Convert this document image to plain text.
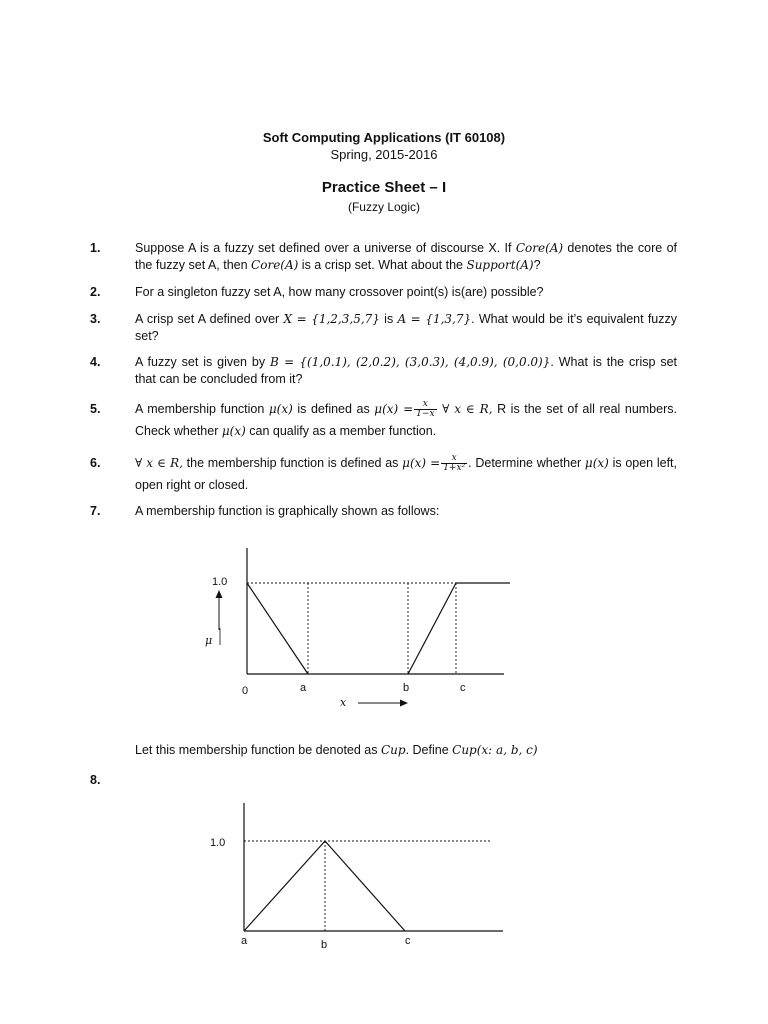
Soft Computing Applications (IT 60108)
Spring, 2015-2016
Practice Sheet – I
(Fuzzy Logic)
1.	Suppose A is a fuzzy set defined over a universe of discourse X. If Core(A) denotes the core of the fuzzy set A, then Core(A) is a crisp set. What about the Support(A)?
2.	For a singleton fuzzy set A, how many crossover point(s) is(are) possible?
3.	A crisp set A defined over X = {1,2,3,5,7} is A = {1,3,7}. What would be it’s equivalent fuzzy set?
4.	A fuzzy set is given by B = {(1,0.1), (2,0.2), (3,0.3), (4,0.9), (0,0.0)}. What is the crisp set that can be concluded from it?
5.	A membership function μ(x) is defined as $\mu(x) = \frac{x}{1-x}$ ∀ x ∈ R, R is the set of all real numbers. Check whether μ(x) can qualify as a member function.
6.	∀ x ∈ R, the membership function is defined as $\mu(x) = \frac{x}{\text{1+x²}}$ . Determine whether μ(x) is open left, open right or closed.
7.	A membership function is graphically shown as follows:
1.0
μ
0	a	b	c
x
Let this membership function be denoted as Cup. Define Cup(x: a, b, c)
8.
1.0
a	b	c
